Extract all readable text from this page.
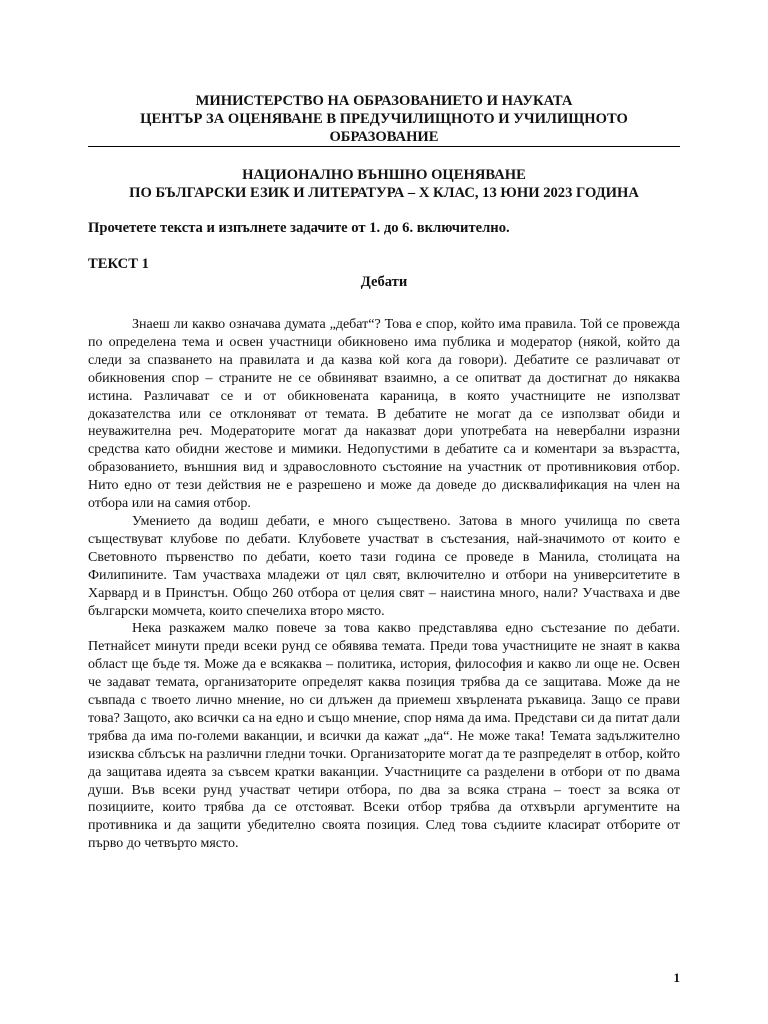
МИНИСТЕРСТВО НА ОБРАЗОВАНИЕТО И НАУКАТА
ЦЕНТЪР ЗА ОЦЕНЯВАНЕ В ПРЕДУЧИЛИЩНОТО И УЧИЛИЩНОТО ОБРАЗОВАНИЕ
НАЦИОНАЛНО ВЪНШНО ОЦЕНЯВАНЕ
ПО БЪЛГАРСКИ ЕЗИК И ЛИТЕРАТУРА – X КЛАС, 13 ЮНИ 2023 ГОДИНА
Прочетете текста и изпълнете задачите от 1. до 6. включително.
ТЕКСТ 1
Дебати

Знаеш ли какво означава думата „дебат“? Това е спор, който има правила. Той се провежда по определена тема и освен участници обикновено има публика и модератор (някой, който да следи за спазването на правилата и да казва кой кога да говори). Дебатите се различават от обикновения спор – страните не се обвиняват взаимно, а се опитват да достигнат до някаква истина. Различават се и от обикновената караница, в която участниците не използват доказателства или се отклоняват от темата. В дебатите не могат да се използват обиди и неуважителна реч. Модераторите могат да наказват дори употребата на невербални изразни средства като обидни жестове и мимики. Недопустими в дебатите са и коментари за възрастта, образованието, външния вид и здравословното състояние на участник от противниковия отбор. Нито едно от тези действия не е разрешено и може да доведе до дисквалификация на член на отбора или на самия отбор.

Умението да водиш дебати, е много съществено. Затова в много училища по света съществуват клубове по дебати. Клубовете участват в състезания, най-значимото от които е Световното първенство по дебати, което тази година се проведе в Манила, столицата на Филипините. Там участваха младежи от цял свят, включително и отбори на университетите в Харвард и в Принстън. Общо 260 отбора от целия свят – наистина много, нали? Участваха и две български момчета, които спечелиха второ място.

Нека разкажем малко повече за това какво представлява едно състезание по дебати. Петнайсет минути преди всеки рунд се обявява темата. Преди това участниците не знаят в каква област ще бъде тя. Може да е всякаква – политика, история, философия и какво ли още не. Освен че задават темата, организаторите определят каква позиция трябва да се защитава. Може да не съвпада с твоето лично мнение, но си длъжен да приемеш хвърлената ръкавица. Защо се прави това? Защото, ако всички са на едно и също мнение, спор няма да има. Представи си да питат дали трябва да има по-големи ваканции, и всички да кажат „да“. Не може така! Темата задължително изисква сблъсък на различни гледни точки. Организаторите могат да те разпределят в отбор, който да защитава идеята за съвсем кратки ваканции. Участниците са разделени в отбори от по двама души. Във всеки рунд участват четири отбора, по два за всяка страна – тоест за всяка от позициите, които трябва да се отстояват. Всеки отбор трябва да отхвърли аргументите на противника и да защити убедително своята позиция. След това съдиите класират отборите от първо до четвърто място.

1
